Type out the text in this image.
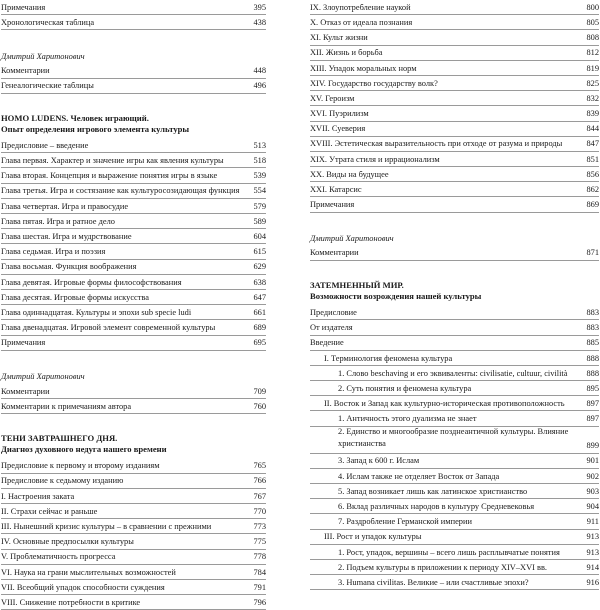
Примечания	395
Хронологическая таблица	438
Дмитрий Харитонович
Комментарии	448
Генеалогические таблицы	496
HOMO LUDENS. Человек играющий.
Опыт определения игрового элемента культуры
Предисловие – введение	513
Глава первая. Характер и значение игры как явления культуры	518
Глава вторая. Концепция и выражение понятия игры в языке	539
Глава третья. Игра и состязание как культуросозидающая функция	554
Глава четвертая. Игра и правосудие	579
Глава пятая. Игра и ратное дело	589
Глава шестая. Игра и мудрствование	604
Глава седьмая. Игра и поэзия	615
Глава восьмая. Функция воображения	629
Глава девятая. Игровые формы философствования	638
Глава десятая. Игровые формы искусства	647
Глава одиннадцатая. Культуры и эпохи sub specie ludi	661
Глава двенадцатая. Игровой элемент современной культуры	689
Примечания	695
Дмитрий Харитонович
Комментарии	709
Комментарии к примечаниям автора	760
ТЕНИ ЗАВТРАШНЕГО ДНЯ.
Диагноз духовного недуга нашего времени
Предисловие к первому и второму изданиям	765
Предисловие к седьмому изданию	766
I. Настроения заката	767
II. Страхи сейчас и раньше	770
III. Нынешний кризис культуры – в сравнении с прежними	773
IV. Основные предпосылки культуры	775
V. Проблематичность прогресса	778
VI. Наука на грани мыслительных возможностей	784
VII. Всеобщий упадок способности суждения	791
VIII. Снижение потребности в критике	796
IX. Злоупотребление наукой	800
X. Отказ от идеала познания	805
XI. Культ жизни	808
XII. Жизнь и борьба	812
XIII. Упадок моральных норм	819
XIV. Государство государству волк?	825
XV. Героизм	832
XVI. Пуэрилизм	839
XVII. Суеверия	844
XVIII. Эстетическая выразительность при отходе от разума и природы	847
XIX. Утрата стиля и иррационализм	851
XX. Виды на будущее	856
XXI. Катарсис	862
Примечания	869
Дмитрий Харитонович
Комментарии	871
ЗАТЕМНЕННЫЙ МИР.
Возможности возрождения нашей культуры
Предисловие	883
От издателя	883
Введение	885
I. Терминология феномена культура	888
1. Слово beschaving и его эквиваленты: civilisatie, cultuur, civilità	888
2. Суть понятия и феномена культура	895
II. Восток и Запад как культурно-историческая противоположность	897
1. Античность этого дуализма не знает	897
2. Единство и многообразие позднеантичной культуры. Влияние христианства	899
3. Запад к 600 г. Ислам	901
4. Ислам также не отделяет Восток от Запада	902
5. Запад возникает лишь как латинское христианство	903
6. Вклад различных народов в культуру Средневековья	904
7. Раздробление Германской империи	911
III. Рост и упадок культуры	913
1. Рост, упадок, вершины – всего лишь расплывчатые понятия	913
2. Подъем культуры в приложении к периоду XIV–XVI вв.	914
3. Humana civilitas. Великие – или счастливые эпохи?	916
